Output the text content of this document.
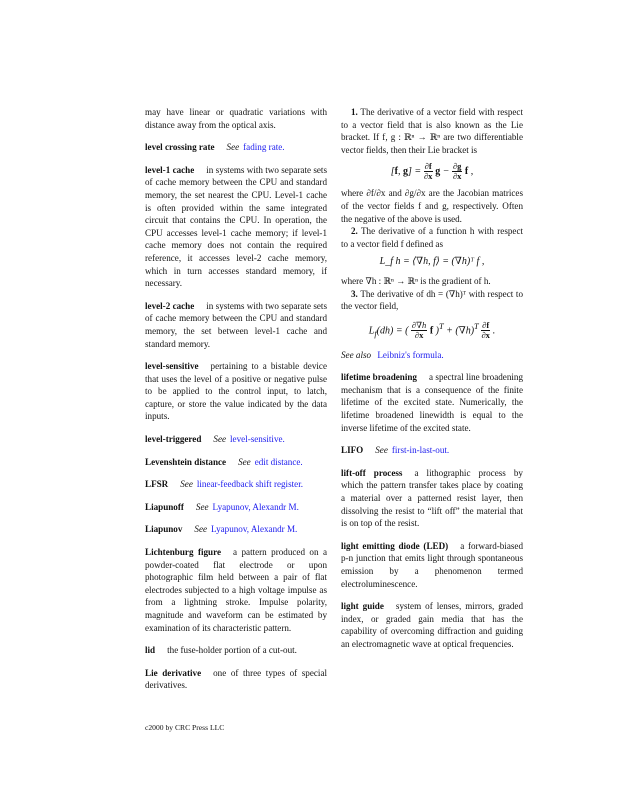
may have linear or quadratic variations with distance away from the optical axis.

level crossing rate See fading rate.

level-1 cache in systems with two separate sets of cache memory between the CPU and standard memory, the set nearest the CPU. Level-1 cache is often provided within the same integrated circuit that contains the CPU. In operation, the CPU accesses level-1 cache memory; if level-1 cache memory does not contain the required reference, it accesses level-2 cache memory, which in turn accesses standard memory, if necessary.

level-2 cache in systems with two separate sets of cache memory between the CPU and standard memory, the set between level-1 cache and standard memory.

level-sensitive pertaining to a bistable device that uses the level of a positive or negative pulse to be applied to the control input, to latch, capture, or store the value indicated by the data inputs.

level-triggered See level-sensitive.

Levenshtein distance See edit distance.

LFSR See linear-feedback shift register.

Liapunoff See Lyapunov, Alexandr M.

Liapunov See Lyapunov, Alexandr M.

Lichtenburg figure a pattern produced on a powder-coated flat electrode or upon photographic film held between a pair of flat electrodes subjected to a high voltage impulse as from a lightning stroke. Impulse polarity, magnitude and waveform can be estimated by examination of its characteristic pattern.

lid the fuse-holder portion of a cut-out.

Lie derivative one of three types of special derivatives.

1. The derivative of a vector field with respect to a vector field that is also known as the Lie bracket. If f, g : ℝⁿ → ℝⁿ are two differentiable vector fields, then their Lie bracket is

[f, $g] = \frac{\partial f}{\partial x}$ $g - \frac{\partial g}{\partial x}$ f ,

where ∂f/∂x and ∂g/∂x are the Jacobian matrices of the vector fields f and g, respectively. Often the negative of the above is used.

2. The derivative of a function h with respect to a vector field f defined as

L_f h = ⟨∇h, f⟩ = (∇h)ᵀ f ,

where ∇h : ℝⁿ → ℝⁿ is the gradient of h.

3. The derivative of dh = (∇h)ᵀ with respect to the vector field,

$L_f(dh)$ = ( $\frac{\partial\nabla h}{\partial x}$ f )$^T + (\nabla h)^T \frac{\partial f}{\partial x}$ .

See also Leibniz's formula.

lifetime broadening a spectral line broadening mechanism that is a consequence of the finite lifetime of the excited state. Numerically, the lifetime broadened linewidth is equal to the inverse lifetime of the excited state.

LIFO See first-in-last-out.

lift-off process a lithographic process by which the pattern transfer takes place by coating a material over a patterned resist layer, then dissolving the resist to “lift off” the material that is on top of the resist.

light emitting diode (LED) a forward-biased p-n junction that emits light through spontaneous emission by a phenomenon termed electroluminescence.

light guide system of lenses, mirrors, graded index, or graded gain media that has the capability of overcoming diffraction and guiding an electromagnetic wave at optical frequencies.

c2000 by CRC Press LLC
